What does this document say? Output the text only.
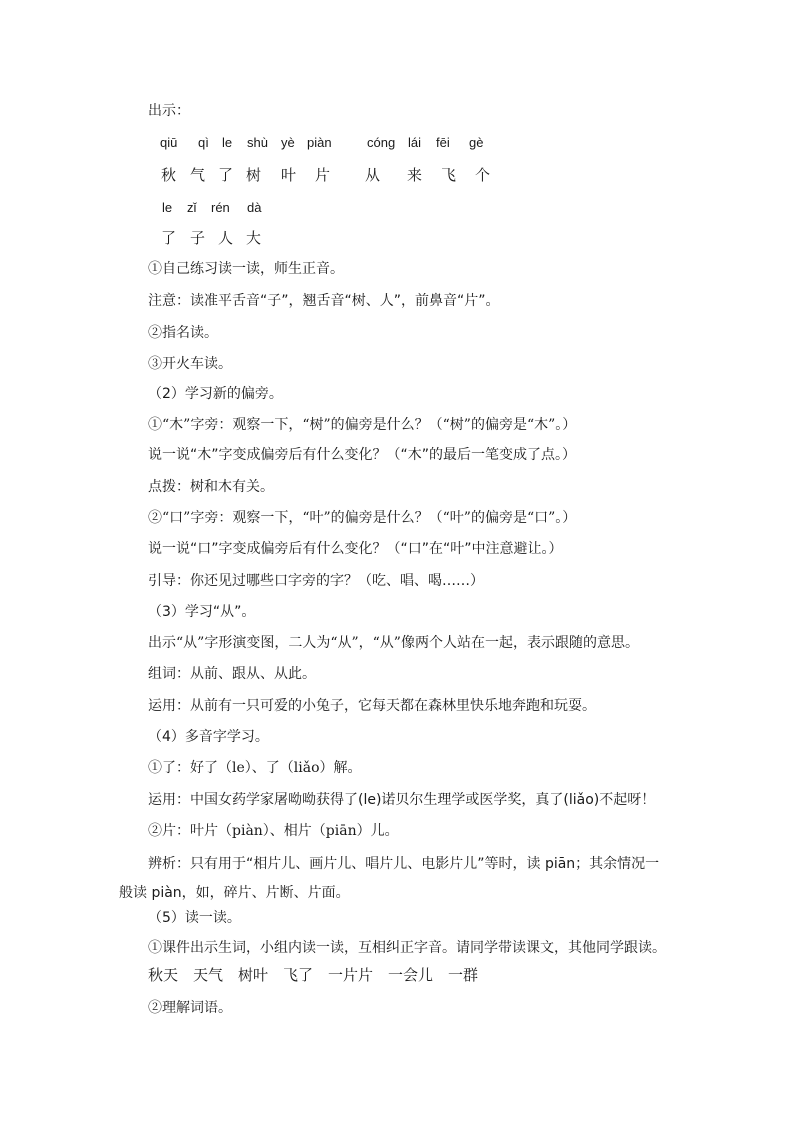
出示：
qiū qì le shù yè piàn	cóng lái fēi gè
秋 气 了 树 叶 片 从 来 飞 个
le zǐ rén dà
了 子 人 大
①自己练习读一读，师生正音。
注意：读准平舌音“子”，翘舌音“树、人”，前鼻音“片”。
②指名读。
③开火车读。
（2）学习新的偏旁。
①“木”字旁：观察一下，“树”的偏旁是什么？（“树”的偏旁是“木”。）
说一说“木”字变成偏旁后有什么变化？（“木”的最后一笔变成了点。）
点拨：树和木有关。
②“口”字旁：观察一下，“叶”的偏旁是什么？（“叶”的偏旁是“口”。）
说一说“口”字变成偏旁后有什么变化？（“口”在“叶”中注意避让。）
引导：你还见过哪些口字旁的字？（吃、唱、喝……）
（3）学习“从”。
出示“从”字形演变图，二人为“从”，“从”像两个人站在一起，表示跟随的意思。
组词：从前、跟从、从此。
运用：从前有一只可爱的小兔子，它每天都在森林里快乐地奔跑和玩耍。
（4）多音字学习。
①了：好了（le）、了（liǎo）解。
运用：中国女药学家屠呦呦获得了(le)诺贝尔生理学或医学奖，真了(liǎo)不起呀！
②片：叶片（piàn）、相片（piān）儿。
辨析：只有用于“相片儿、画片儿、唱片儿、电影片儿”等时，读 piān；其余情况一
般读 piàn，如，碎片、片断、片面。
（5）读一读。
①课件出示生词，小组内读一读，互相纠正字音。请同学带读课文，其他同学跟读。
秋天　天气　树叶　飞了　一片片　一会儿　一群
②理解词语。
